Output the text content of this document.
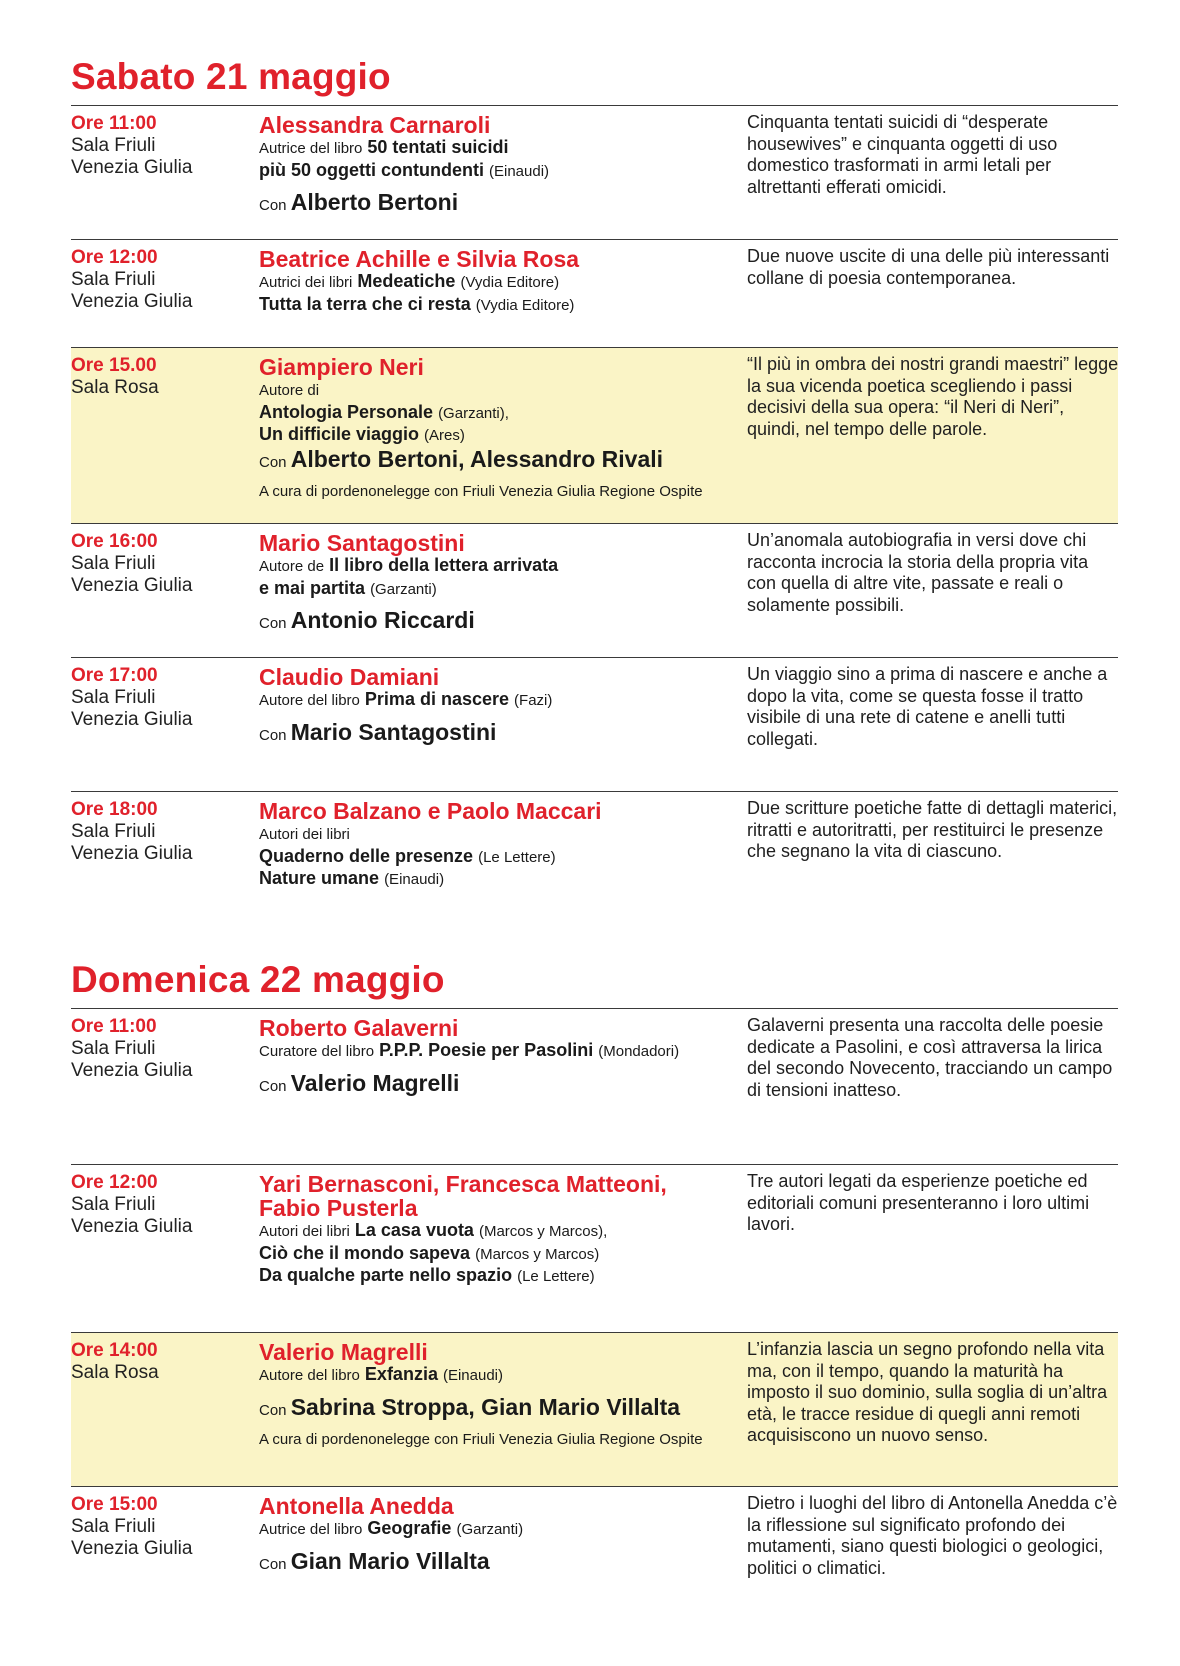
Sabato 21 maggio
Ore 11:00
Sala Friuli
Venezia Giulia
Alessandra Carnaroli
Autrice del libro 50 tentati suicidi
più 50 oggetti contundenti (Einaudi)
Con Alberto Bertoni
Cinquanta tentati suicidi di “desperate housewives” e cinquanta oggetti di uso domestico trasformati in armi letali per altrettanti efferati omicidi.
Ore 12:00
Sala Friuli
Venezia Giulia
Beatrice Achille e Silvia Rosa
Autrici dei libri Medeatiche (Vydia Editore)
Tutta la terra che ci resta (Vydia Editore)
Due nuove uscite di una delle più interessanti collane di poesia contemporanea.
Ore 15.00
Sala Rosa
Giampiero Neri
Autore di
Antologia Personale (Garzanti),
Un difficile viaggio (Ares)
Con Alberto Bertoni, Alessandro Rivali
A cura di pordenonelegge con Friuli Venezia Giulia Regione Ospite
“Il più in ombra dei nostri grandi maestri” legge la sua vicenda poetica scegliendo i passi decisivi della sua opera: “il Neri di Neri”, quindi, nel tempo delle parole.
Ore 16:00
Sala Friuli
Venezia Giulia
Mario Santagostini
Autore de Il libro della lettera arrivata
e mai partita (Garzanti)
Con Antonio Riccardi
Un’anomala autobiografia in versi dove chi racconta incrocia la storia della propria vita con quella di altre vite, passate e reali o solamente possibili.
Ore 17:00
Sala Friuli
Venezia Giulia
Claudio Damiani
Autore del libro Prima di nascere (Fazi)
Con Mario Santagostini
Un viaggio sino a prima di nascere e anche a dopo la vita, come se questa fosse il tratto visibile di una rete di catene e anelli tutti collegati.
Ore 18:00
Sala Friuli
Venezia Giulia
Marco Balzano e Paolo Maccari
Autori dei libri
Quaderno delle presenze (Le Lettere)
Nature umane (Einaudi)
Due scritture poetiche fatte di dettagli materici, ritratti e autoritratti, per restituirci le presenze che segnano la vita di ciascuno.
Domenica 22 maggio
Ore 11:00
Sala Friuli
Venezia Giulia
Roberto Galaverni
Curatore del libro P.P.P. Poesie per Pasolini (Mondadori)
Con Valerio Magrelli
Galaverni presenta una raccolta delle poesie dedicate a Pasolini, e così attraversa la lirica del secondo Novecento, tracciando un campo di tensioni inatteso.
Ore 12:00
Sala Friuli
Venezia Giulia
Yari Bernasconi, Francesca Matteoni,
Fabio Pusterla
Autori dei libri La casa vuota (Marcos y Marcos),
Ciò che il mondo sapeva (Marcos y Marcos)
Da qualche parte nello spazio (Le Lettere)
Tre autori legati da esperienze poetiche ed editoriali comuni presenteranno i loro ultimi lavori.
Ore 14:00
Sala Rosa
Valerio Magrelli
Autore del libro Exfanzia (Einaudi)
Con Sabrina Stroppa, Gian Mario Villalta
A cura di pordenonelegge con Friuli Venezia Giulia Regione Ospite
L’infanzia lascia un segno profondo nella vita ma, con il tempo, quando la maturità ha imposto il suo dominio, sulla soglia di un’altra età, le tracce residue di quegli anni remoti acquisiscono un nuovo senso.
Ore 15:00
Sala Friuli
Venezia Giulia
Antonella Anedda
Autrice del libro Geografie (Garzanti)
Con Gian Mario Villalta
Dietro i luoghi del libro di Antonella Anedda c’è la riflessione sul significato profondo dei mutamenti, siano questi biologici o geologici, politici o climatici.
